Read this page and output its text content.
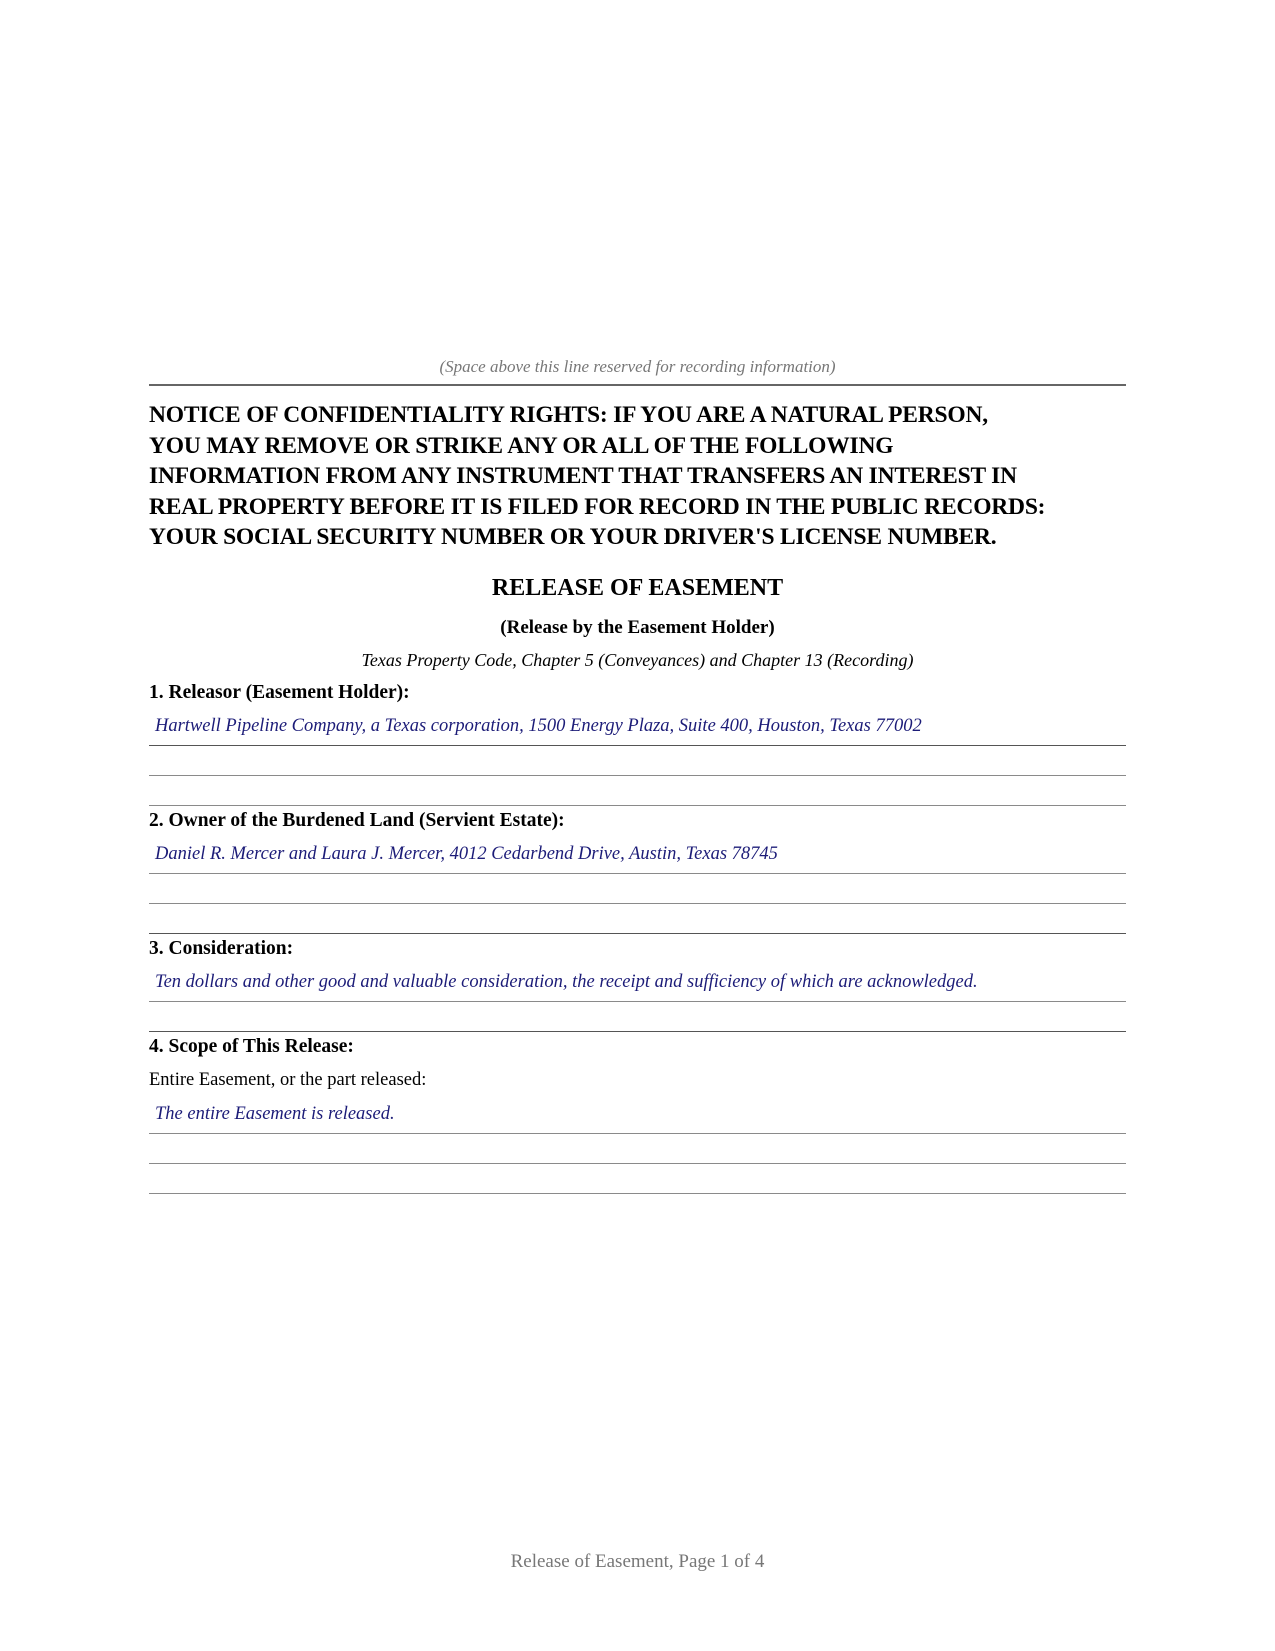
(Space above this line reserved for recording information)
NOTICE OF CONFIDENTIALITY RIGHTS: IF YOU ARE A NATURAL PERSON,
YOU MAY REMOVE OR STRIKE ANY OR ALL OF THE FOLLOWING
INFORMATION FROM ANY INSTRUMENT THAT TRANSFERS AN INTEREST IN
REAL PROPERTY BEFORE IT IS FILED FOR RECORD IN THE PUBLIC RECORDS:
YOUR SOCIAL SECURITY NUMBER OR YOUR DRIVER'S LICENSE NUMBER.
RELEASE OF EASEMENT
(Release by the Easement Holder)
Texas Property Code, Chapter 5 (Conveyances) and Chapter 13 (Recording)
1. Releasor (Easement Holder):
Hartwell Pipeline Company, a Texas corporation, 1500 Energy Plaza, Suite 400, Houston, Texas 77002
2. Owner of the Burdened Land (Servient Estate):
Daniel R. Mercer and Laura J. Mercer, 4012 Cedarbend Drive, Austin, Texas 78745
3. Consideration:
Ten dollars and other good and valuable consideration, the receipt and sufficiency of which are acknowledged.
4. Scope of This Release:
Entire Easement, or the part released:
The entire Easement is released.
Release of Easement, Page 1 of 4
